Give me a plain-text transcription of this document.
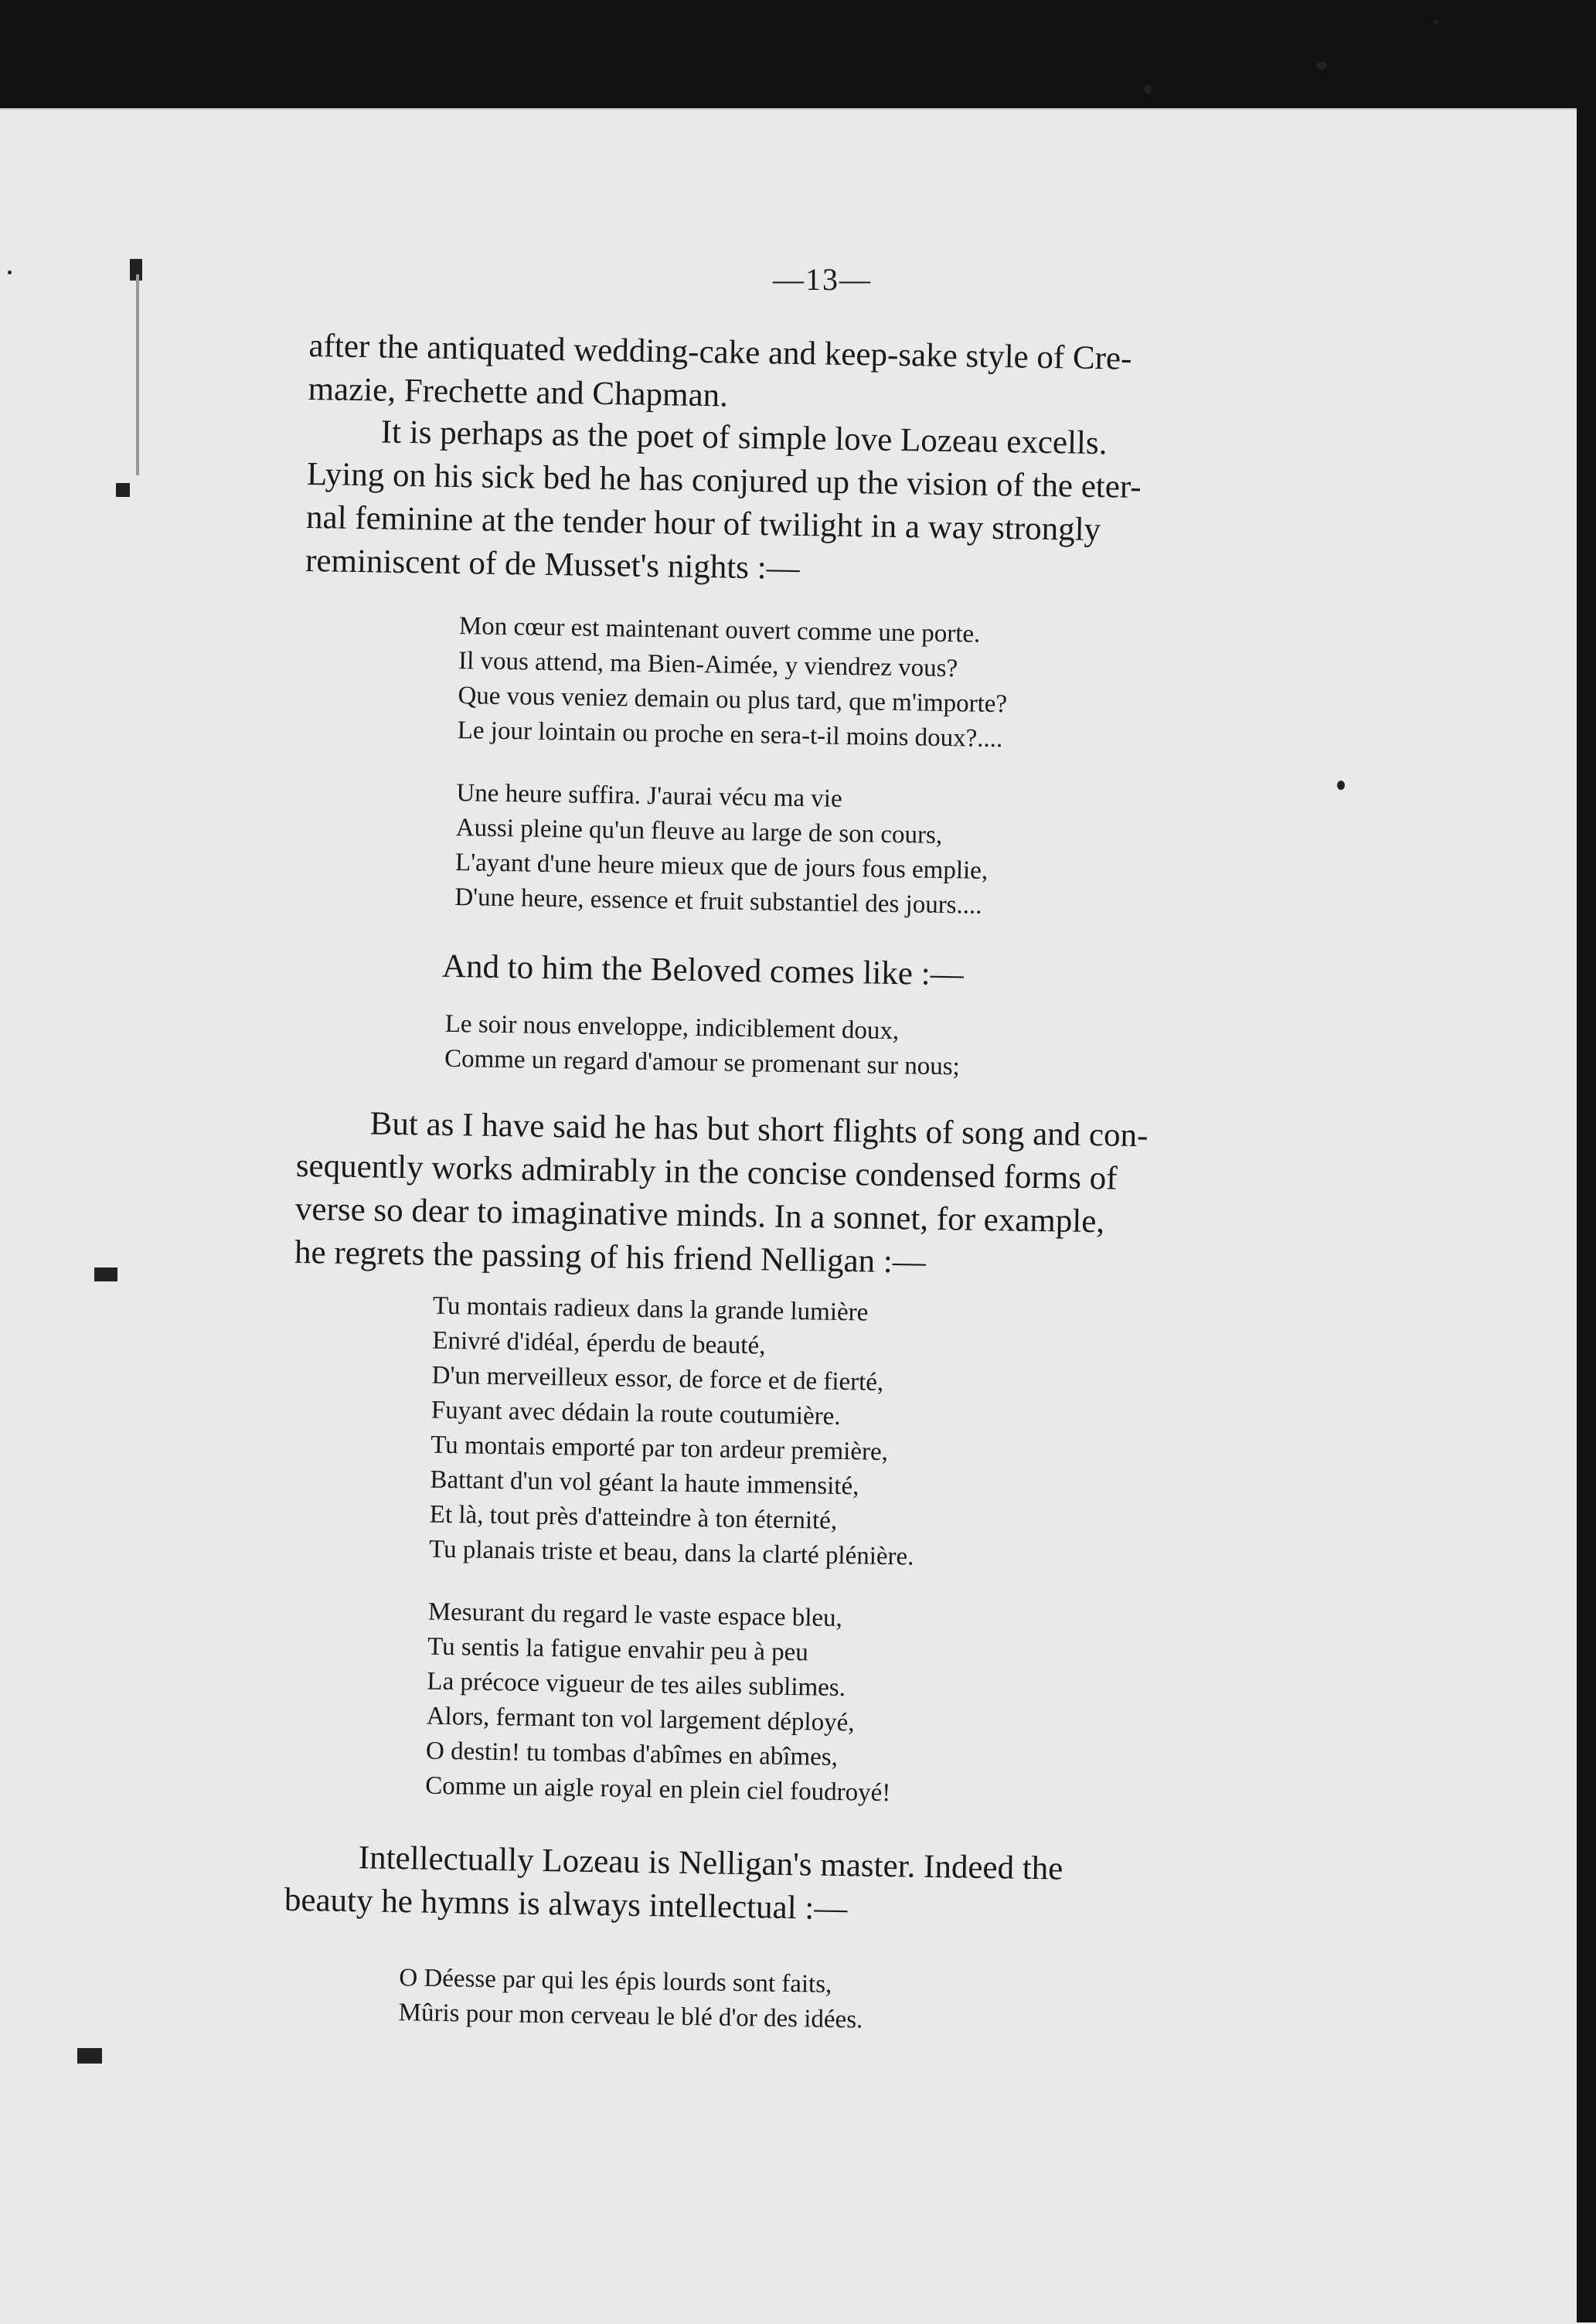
—13—
after the antiquated wedding-cake and keep-sake style of Cre-
mazie, Frechette and Chapman.
It is perhaps as the poet of simple love Lozeau excells.
Lying on his sick bed he has conjured up the vision of the eter-
nal feminine at the tender hour of twilight in a way strongly
reminiscent of de Musset's nights :—
Mon cœur est maintenant ouvert comme une porte.
Il vous attend, ma Bien-Aimée, y viendrez vous?
Que vous veniez demain ou plus tard, que m'importe?
Le jour lointain ou proche en sera-t-il moins doux?....
Une heure suffira. J'aurai vécu ma vie
Aussi pleine qu'un fleuve au large de son cours,
L'ayant d'une heure mieux que de jours fous emplie,
D'une heure, essence et fruit substantiel des jours....
And to him the Beloved comes like :—
Le soir nous enveloppe, indiciblement doux,
Comme un regard d'amour se promenant sur nous;
But as I have said he has but short flights of song and con-
sequently works admirably in the concise condensed forms of
verse so dear to imaginative minds. In a sonnet, for example,
he regrets the passing of his friend Nelligan :—
Tu montais radieux dans la grande lumière
Enivré d'idéal, éperdu de beauté,
D'un merveilleux essor, de force et de fierté,
Fuyant avec dédain la route coutumière.
Tu montais emporté par ton ardeur première,
Battant d'un vol géant la haute immensité,
Et là, tout près d'atteindre à ton éternité,
Tu planais triste et beau, dans la clarté plénière.
Mesurant du regard le vaste espace bleu,
Tu sentis la fatigue envahir peu à peu
La précoce vigueur de tes ailes sublimes.
Alors, fermant ton vol largement déployé,
O destin! tu tombas d'abîmes en abîmes,
Comme un aigle royal en plein ciel foudroyé!
Intellectually Lozeau is Nelligan's master. Indeed the
beauty he hymns is always intellectual :—
O Déesse par qui les épis lourds sont faits,
Mûris pour mon cerveau le blé d'or des idées.
